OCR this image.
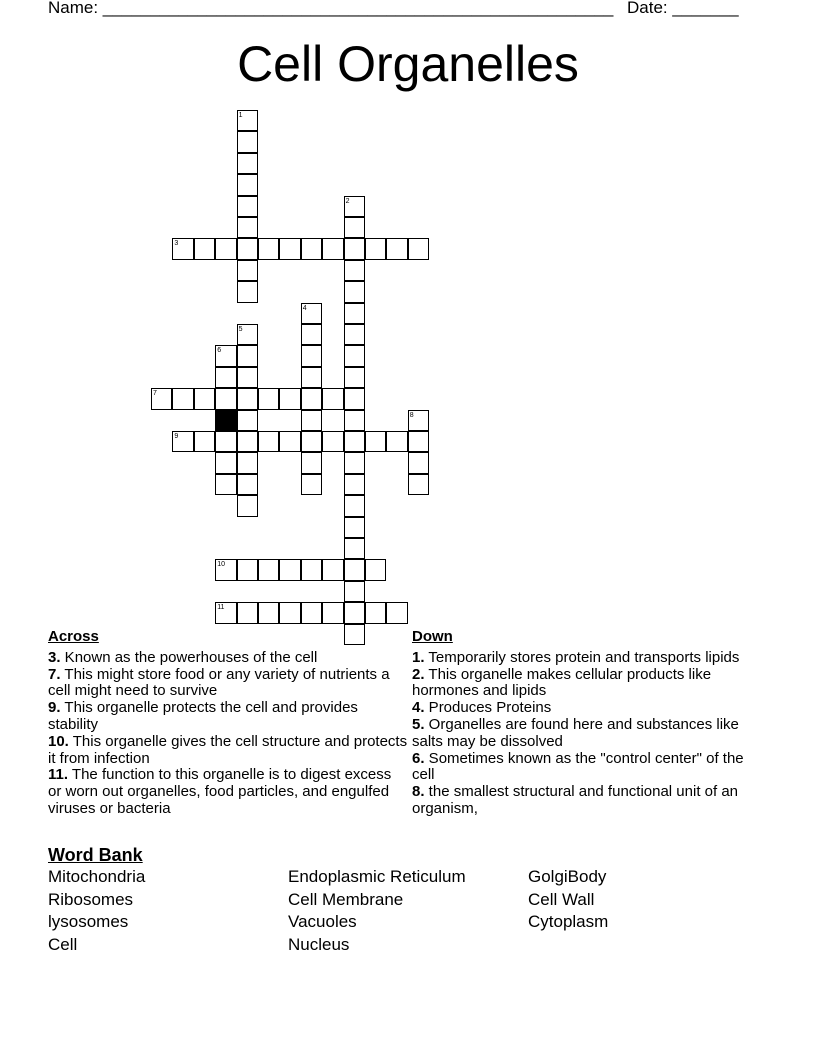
Name: ______________________________________________________ Date: _______
Cell Organelles
1
2
3
4
5
6
7
8
9
10
11
Across
3. Known as the powerhouses of the cell
7. This might store food or any variety of nutrients a cell might need to survive
9. This organelle protects the cell and provides stability
10. This organelle gives the cell structure and protects it from infection
11. The function to this organelle is to digest excess or worn out organelles, food particles, and engulfed viruses or bacteria
Down
1. Temporarily stores protein and transports lipids
2. This organelle makes cellular products like hormones and lipids
4. Produces Proteins
5. Organelles are found here and substances like salts may be dissolved
6. Sometimes known as the "control center" of the cell
8. the smallest structural and functional unit of an organism,
Word Bank
Mitochondria
Ribosomes
lysosomes
Cell
Endoplasmic Reticulum
Cell Membrane
Vacuoles
Nucleus
GolgiBody
Cell Wall
Cytoplasm
